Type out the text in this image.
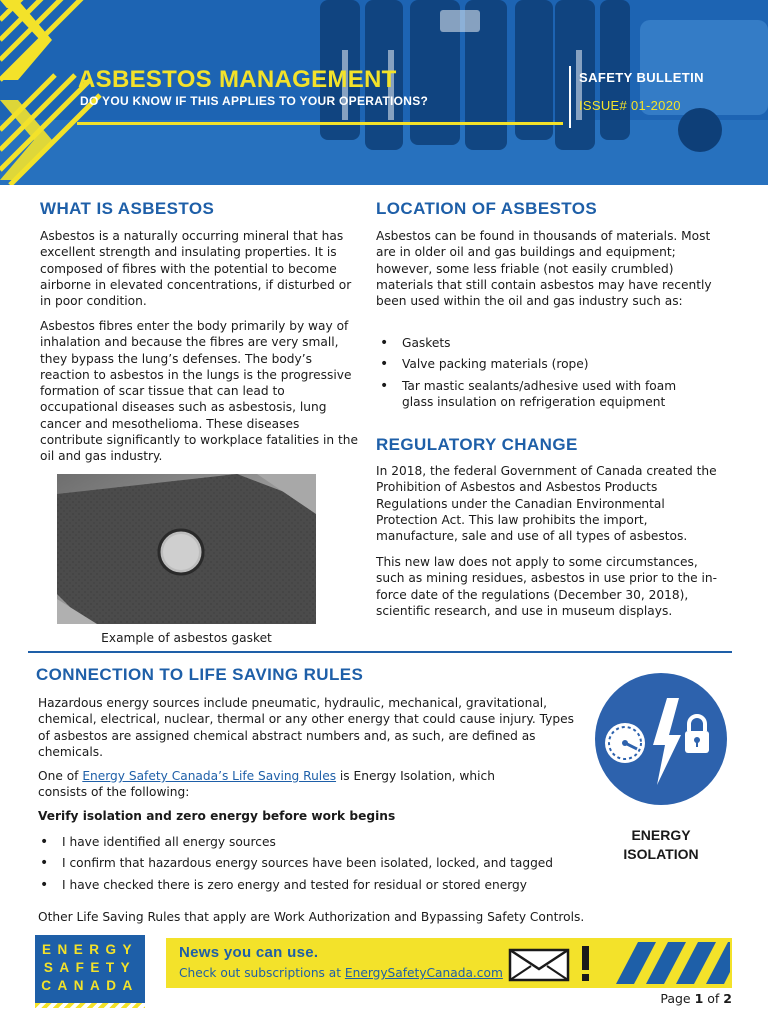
ASBESTOS MANAGEMENT
DO YOU KNOW IF THIS APPLIES TO YOUR OPERATIONS?
SAFETY BULLETIN
ISSUE# 01-2020
WHAT IS ASBESTOS

Asbestos is a naturally occurring mineral that has excellent strength and insulating properties. It is composed of fibres with the potential to become airborne in elevated concentrations, if disturbed or in poor condition.

Asbestos fibres enter the body primarily by way of inhalation and because the fibres are very small, they bypass the lung’s defenses. The body’s reaction to asbestos in the lungs is the progressive formation of scar tissue that can lead to occupational diseases such as asbestosis, lung cancer and mesothelioma. These diseases contribute significantly to workplace fatalities in the oil and gas industry.

Example of asbestos gasket
LOCATION OF ASBESTOS

Asbestos can be found in thousands of materials. Most are in older oil and gas buildings and equipment; however, some less friable (not easily crumbled) materials that still contain asbestos may have recently been used within the oil and gas industry such as:

• Gaskets
• Valve packing materials (rope)
• Tar mastic sealants/adhesive used with foam glass insulation on refrigeration equipment
REGULATORY CHANGE

In 2018, the federal Government of Canada created the Prohibition of Asbestos and Asbestos Products Regulations under the Canadian Environmental Protection Act. This law prohibits the import, manufacture, sale and use of all types of asbestos.

This new law does not apply to some circumstances, such as mining residues, asbestos in use prior to the in-force date of the regulations (December 30, 2018), scientific research, and use in museum displays.

CONNECTION TO LIFE SAVING RULES

Hazardous energy sources include pneumatic, hydraulic, mechanical, gravitational, chemical, electrical, nuclear, thermal or any other energy that could cause injury. Types of asbestos are assigned chemical abstract numbers and, as such, are defined as chemicals.

One of Energy Safety Canada’s Life Saving Rules is Energy Isolation, which consists of the following:

Verify isolation and zero energy before work begins
• I have identified all energy sources
• I confirm that hazardous energy sources have been isolated, locked, and tagged
• I have checked there is zero energy and tested for residual or stored energy

Other Life Saving Rules that apply are Work Authorization and Bypassing Safety Controls.

ENERGY
ISOLATION
ENERGY
SAFETY
CANADA
News you can use.
Check out subscriptions at EnergySafetyCanada.com
Page 1 of 2
